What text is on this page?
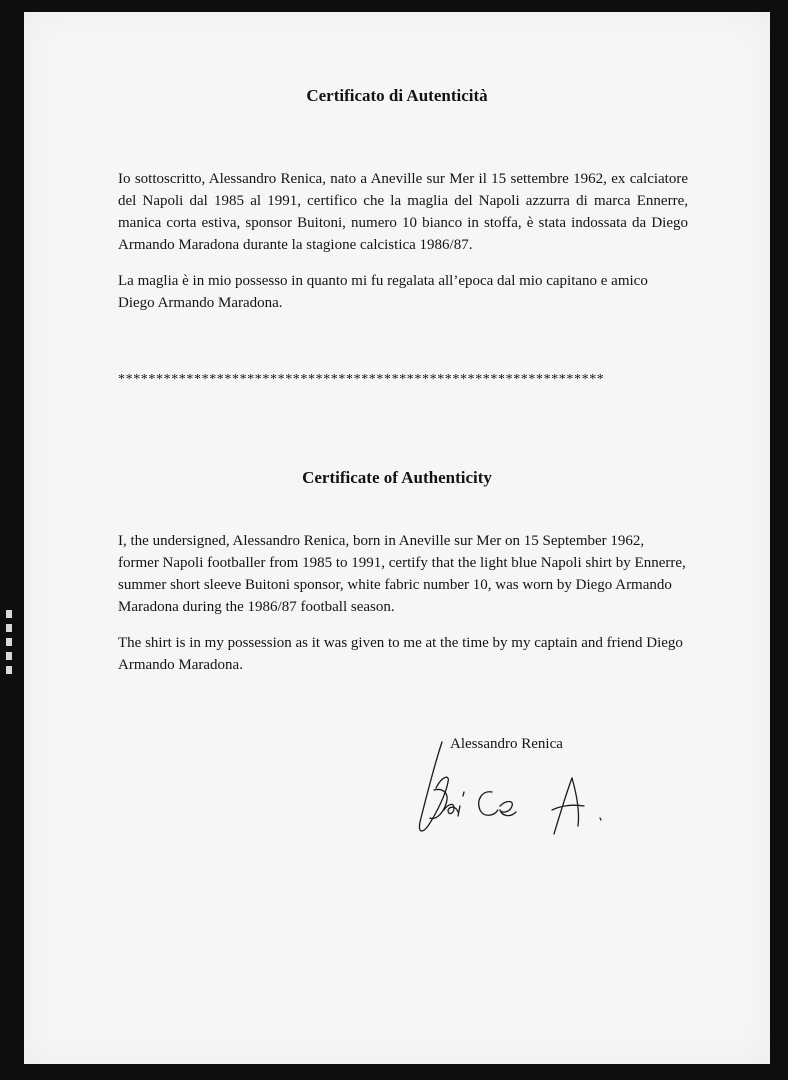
Certificato di Autenticità

Io sottoscritto, Alessandro Renica, nato a Aneville sur Mer il 15 settembre 1962, ex calciatore del Napoli dal 1985 al 1991, certifico che la maglia del Napoli azzurra di marca Ennerre, manica corta estiva, sponsor Buitoni, numero 10 bianco in stoffa, è stata indossata da Diego Armando Maradona durante la stagione calcistica 1986/87.

La maglia è in mio possesso in quanto mi fu regalata all’epoca dal mio capitano e amico Diego Armando Maradona.

****************************************************************
Certificate of Authenticity

I, the undersigned, Alessandro Renica, born in Aneville sur Mer on 15 September 1962, former Napoli footballer from 1985 to 1991, certify that the light blue Napoli shirt by Ennerre, summer short sleeve Buitoni sponsor, white fabric number 10, was worn by Diego Armando Maradona during the 1986/87 football season.

The shirt is in my possession as it was given to me at the time by my captain and friend Diego Armando Maradona.

Alessandro Renica
